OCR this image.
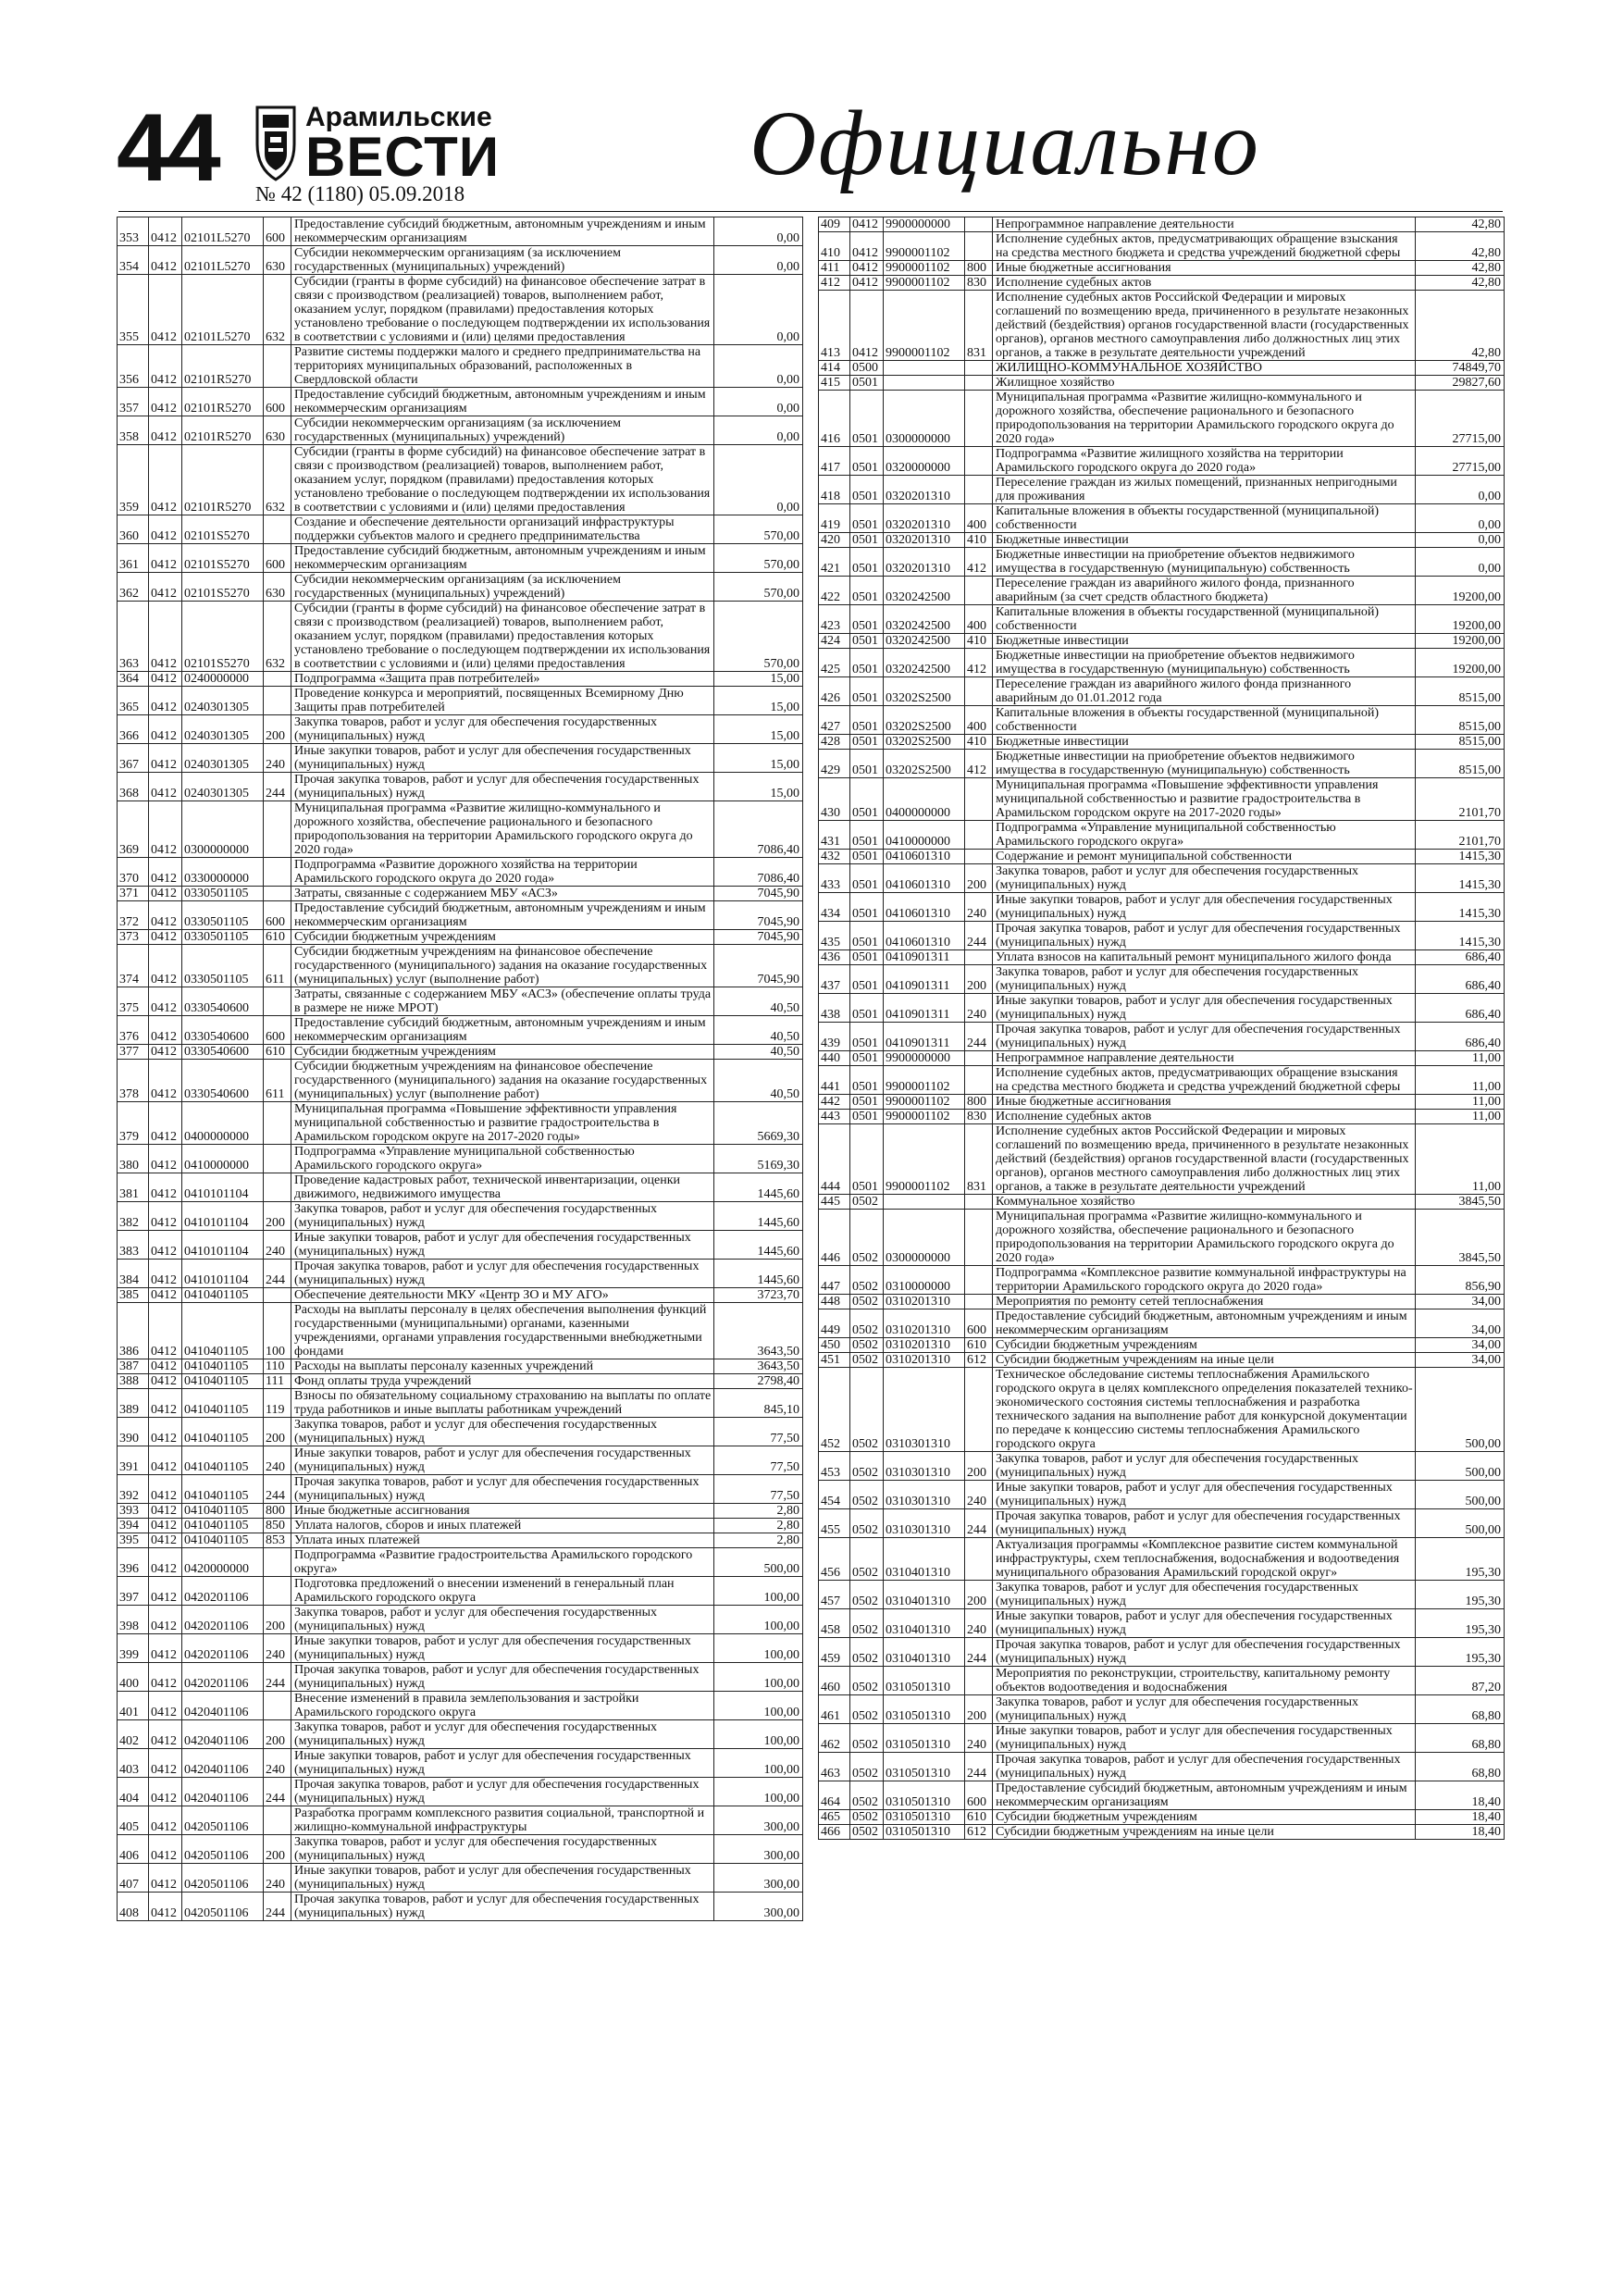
44	Арамильские
ВЕСТИ
№ 42 (1180) 05.09.2018	Официально
353	0412	02101L5270	600	Предоставление субсидий бюджетным, автономным учреждениям и иным некоммерческим организациям	0,00
354	0412	02101L5270	630	Субсидии некоммерческим организациям (за исключением государственных (муниципальных) учреждений)	0,00
355	0412	02101L5270	632	Субсидии (гранты в форме субсидий) на финансовое обеспечение затрат в связи с производством (реализацией) товаров, выполнением работ, оказанием услуг, порядком (правилами) предоставления которых установлено требование о последующем подтверждении их использования в соответствии с условиями и (или) целями предоставления	0,00
356	0412	02101R5270		Развитие системы поддержки малого и среднего предпринимательства на территориях муниципальных образований, расположенных в Свердловской области	0,00
357	0412	02101R5270	600	Предоставление субсидий бюджетным, автономным учреждениям и иным некоммерческим организациям	0,00
358	0412	02101R5270	630	Субсидии некоммерческим организациям (за исключением государственных (муниципальных) учреждений)	0,00
359	0412	02101R5270	632	Субсидии (гранты в форме субсидий) на финансовое обеспечение затрат в связи с производством (реализацией) товаров, выполнением работ, оказанием услуг, порядком (правилами) предоставления которых установлено требование о последующем подтверждении их использования в соответствии с условиями и (или) целями предоставления	0,00
360	0412	02101S5270		Создание и обеспечение деятельности организаций инфраструктуры поддержки субъектов малого и среднего предпринимательства	570,00
361	0412	02101S5270	600	Предоставление субсидий бюджетным, автономным учреждениям и иным некоммерческим организациям	570,00
362	0412	02101S5270	630	Субсидии некоммерческим организациям (за исключением государственных (муниципальных) учреждений)	570,00
363	0412	02101S5270	632	Субсидии (гранты в форме субсидий) на финансовое обеспечение затрат в связи с производством (реализацией) товаров, выполнением работ, оказанием услуг, порядком (правилами) предоставления которых установлено требование о последующем подтверждении их использования в соответствии с условиями и (или) целями предоставления	570,00
364	0412	0240000000		Подпрограмма «Защита прав потребителей»	15,00
365	0412	0240301305		Проведение конкурса и мероприятий, посвященных Всемирному Дню Защиты прав потребителей	15,00
366	0412	0240301305	200	Закупка товаров, работ и услуг для обеспечения государственных (муниципальных) нужд	15,00
367	0412	0240301305	240	Иные закупки товаров, работ и услуг для обеспечения государственных (муниципальных) нужд	15,00
368	0412	0240301305	244	Прочая закупка товаров, работ и услуг для обеспечения государственных (муниципальных) нужд	15,00
369	0412	0300000000		Муниципальная программа «Развитие жилищно-коммунального и дорожного хозяйства, обеспечение рационального и безопасного природопользования на территории Арамильского городского округа до 2020 года»	7086,40
370	0412	0330000000		Подпрограмма «Развитие дорожного хозяйства на территории Арамильского городского округа до 2020 года»	7086,40
371	0412	0330501105		Затраты, связанные с содержанием МБУ «АСЗ»	7045,90
372	0412	0330501105	600	Предоставление субсидий бюджетным, автономным учреждениям и иным некоммерческим организациям	7045,90
373	0412	0330501105	610	Субсидии бюджетным учреждениям	7045,90
374	0412	0330501105	611	Субсидии бюджетным учреждениям на финансовое обеспечение государственного (муниципального) задания на оказание государственных (муниципальных) услуг (выполнение работ)	7045,90
375	0412	0330540600		Затраты, связанные с содержанием МБУ «АСЗ» (обеспечение оплаты труда в размере не ниже МРОТ)	40,50
376	0412	0330540600	600	Предоставление субсидий бюджетным, автономным учреждениям и иным некоммерческим организациям	40,50
377	0412	0330540600	610	Субсидии бюджетным учреждениям	40,50
378	0412	0330540600	611	Субсидии бюджетным учреждениям на финансовое обеспечение государственного (муниципального) задания на оказание государственных (муниципальных) услуг (выполнение работ)	40,50
379	0412	0400000000		Муниципальная программа «Повышение эффективности управления муниципальной собственностью и развитие градостроительства в Арамильском городском округе на 2017-2020 годы»	5669,30
380	0412	0410000000		Подпрограмма «Управление муниципальной собственностью Арамильского городского округа»	5169,30
381	0412	0410101104		Проведение кадастровых работ, технической инвентаризации, оценки движимого, недвижимого имущества	1445,60
382	0412	0410101104	200	Закупка товаров, работ и услуг для обеспечения государственных (муниципальных) нужд	1445,60
383	0412	0410101104	240	Иные закупки товаров, работ и услуг для обеспечения государственных (муниципальных) нужд	1445,60
384	0412	0410101104	244	Прочая закупка товаров, работ и услуг для обеспечения государственных (муниципальных) нужд	1445,60
385	0412	0410401105		Обеспечение деятельности МКУ «Центр ЗО и МУ АГО»	3723,70
386	0412	0410401105	100	Расходы на выплаты персоналу в целях обеспечения выполнения функций государственными (муниципальными) органами, казенными учреждениями, органами управления государственными внебюджетными фондами	3643,50
387	0412	0410401105	110	Расходы на выплаты персоналу казенных учреждений	3643,50
388	0412	0410401105	111	Фонд оплаты труда учреждений	2798,40
389	0412	0410401105	119	Взносы по обязательному социальному страхованию на выплаты по оплате труда работников и иные выплаты работникам учреждений	845,10
390	0412	0410401105	200	Закупка товаров, работ и услуг для обеспечения государственных (муниципальных) нужд	77,50
391	0412	0410401105	240	Иные закупки товаров, работ и услуг для обеспечения государственных (муниципальных) нужд	77,50
392	0412	0410401105	244	Прочая закупка товаров, работ и услуг для обеспечения государственных (муниципальных) нужд	77,50
393	0412	0410401105	800	Иные бюджетные ассигнования	2,80
394	0412	0410401105	850	Уплата налогов, сборов и иных платежей	2,80
395	0412	0410401105	853	Уплата иных платежей	2,80
396	0412	0420000000		Подпрограмма «Развитие градостроительства Арамильского городского округа»	500,00
397	0412	0420201106		Подготовка предложений о внесении изменений в генеральный план Арамильского городского округа	100,00
398	0412	0420201106	200	Закупка товаров, работ и услуг для обеспечения государственных (муниципальных) нужд	100,00
399	0412	0420201106	240	Иные закупки товаров, работ и услуг для обеспечения государственных (муниципальных) нужд	100,00
400	0412	0420201106	244	Прочая закупка товаров, работ и услуг для обеспечения государственных (муниципальных) нужд	100,00
401	0412	0420401106		Внесение изменений в правила землепользования и застройки Арамильского городского округа	100,00
402	0412	0420401106	200	Закупка товаров, работ и услуг для обеспечения государственных (муниципальных) нужд	100,00
403	0412	0420401106	240	Иные закупки товаров, работ и услуг для обеспечения государственных (муниципальных) нужд	100,00
404	0412	0420401106	244	Прочая закупка товаров, работ и услуг для обеспечения государственных (муниципальных) нужд	100,00
405	0412	0420501106		Разработка программ комплексного развития социальной, транспортной и жилищно-коммунальной инфраструктуры	300,00
406	0412	0420501106	200	Закупка товаров, работ и услуг для обеспечения государственных (муниципальных) нужд	300,00
407	0412	0420501106	240	Иные закупки товаров, работ и услуг для обеспечения государственных (муниципальных) нужд	300,00
408	0412	0420501106	244	Прочая закупка товаров, работ и услуг для обеспечения государственных (муниципальных) нужд	300,00
409	0412	9900000000		Непрограммное направление деятельности	42,80
410	0412	9900001102		Исполнение судебных актов, предусматривающих обращение взыскания на средства местного бюджета и средства учреждений бюджетной сферы	42,80
411	0412	9900001102	800	Иные бюджетные ассигнования	42,80
412	0412	9900001102	830	Исполнение судебных актов	42,80
413	0412	9900001102	831	Исполнение судебных актов Российской Федерации и мировых соглашений по возмещению вреда, причиненного в результате незаконных действий (бездействия) органов государственной власти (государственных органов), органов местного самоуправления либо должностных лиц этих органов, а также в результате деятельности учреждений	42,80
414	0500			ЖИЛИЩНО-КОММУНАЛЬНОЕ ХОЗЯЙСТВО	74849,70
415	0501			Жилищное хозяйство	29827,60
416	0501	0300000000		Муниципальная программа «Развитие жилищно-коммунального и дорожного хозяйства, обеспечение рационального и безопасного природопользования на территории Арамильского городского округа до 2020 года»	27715,00
417	0501	0320000000		Подпрограмма «Развитие жилищного хозяйства на территории Арамильского городского округа до 2020 года»	27715,00
418	0501	0320201310		Переселение граждан из жилых помещений, признанных непригодными для проживания	0,00
419	0501	0320201310	400	Капитальные вложения в объекты государственной (муниципальной) собственности	0,00
420	0501	0320201310	410	Бюджетные инвестиции	0,00
421	0501	0320201310	412	Бюджетные инвестиции на приобретение объектов недвижимого имущества в государственную (муниципальную) собственность	0,00
422	0501	0320242500		Переселение граждан из аварийного жилого фонда, признанного аварийным (за счет средств областного бюджета)	19200,00
423	0501	0320242500	400	Капитальные вложения в объекты государственной (муниципальной) собственности	19200,00
424	0501	0320242500	410	Бюджетные инвестиции	19200,00
425	0501	0320242500	412	Бюджетные инвестиции на приобретение объектов недвижимого имущества в государственную (муниципальную) собственность	19200,00
426	0501	03202S2500		Переселение граждан из аварийного жилого фонда признанного аварийным до 01.01.2012 года	8515,00
427	0501	03202S2500	400	Капитальные вложения в объекты государственной (муниципальной) собственности	8515,00
428	0501	03202S2500	410	Бюджетные инвестиции	8515,00
429	0501	03202S2500	412	Бюджетные инвестиции на приобретение объектов недвижимого имущества в государственную (муниципальную) собственность	8515,00
430	0501	0400000000		Муниципальная программа «Повышение эффективности управления муниципальной собственностью и развитие градостроительства в Арамильском городском округе на 2017-2020 годы»	2101,70
431	0501	0410000000		Подпрограмма «Управление муниципальной собственностью Арамильского городского округа»	2101,70
432	0501	0410601310		Содержание и ремонт муниципальной собственности	1415,30
433	0501	0410601310	200	Закупка товаров, работ и услуг для обеспечения государственных (муниципальных) нужд	1415,30
434	0501	0410601310	240	Иные закупки товаров, работ и услуг для обеспечения государственных (муниципальных) нужд	1415,30
435	0501	0410601310	244	Прочая закупка товаров, работ и услуг для обеспечения государственных (муниципальных) нужд	1415,30
436	0501	0410901311		Уплата взносов на капитальный ремонт муниципального жилого фонда	686,40
437	0501	0410901311	200	Закупка товаров, работ и услуг для обеспечения государственных (муниципальных) нужд	686,40
438	0501	0410901311	240	Иные закупки товаров, работ и услуг для обеспечения государственных (муниципальных) нужд	686,40
439	0501	0410901311	244	Прочая закупка товаров, работ и услуг для обеспечения государственных (муниципальных) нужд	686,40
440	0501	9900000000		Непрограммное направление деятельности	11,00
441	0501	9900001102		Исполнение судебных актов, предусматривающих обращение взыскания на средства местного бюджета и средства учреждений бюджетной сферы	11,00
442	0501	9900001102	800	Иные бюджетные ассигнования	11,00
443	0501	9900001102	830	Исполнение судебных актов	11,00
444	0501	9900001102	831	Исполнение судебных актов Российской Федерации и мировых соглашений по возмещению вреда, причиненного в результате незаконных действий (бездействия) органов государственной власти (государственных органов), органов местного самоуправления либо должностных лиц этих органов, а также в результате деятельности учреждений	11,00
445	0502			Коммунальное хозяйство	3845,50
446	0502	0300000000		Муниципальная программа «Развитие жилищно-коммунального и дорожного хозяйства, обеспечение рационального и безопасного природопользования на территории Арамильского городского округа до 2020 года»	3845,50
447	0502	0310000000		Подпрограмма «Комплексное развитие коммунальной инфраструктуры на территории Арамильского городского округа до 2020 года»	856,90
448	0502	0310201310		Мероприятия по ремонту сетей теплоснабжения	34,00
449	0502	0310201310	600	Предоставление субсидий бюджетным, автономным учреждениям и иным некоммерческим организациям	34,00
450	0502	0310201310	610	Субсидии бюджетным учреждениям	34,00
451	0502	0310201310	612	Субсидии бюджетным учреждениям на иные цели	34,00
452	0502	0310301310		Техническое обследование системы теплоснабжения Арамильского городского округа в целях комплексного определения показателей технико-экономического состояния системы теплоснабжения и разработка технического задания на выполнение работ для конкурсной документации по передаче к концессию системы теплоснабжения Арамильского городского округа	500,00
453	0502	0310301310	200	Закупка товаров, работ и услуг для обеспечения государственных (муниципальных) нужд	500,00
454	0502	0310301310	240	Иные закупки товаров, работ и услуг для обеспечения государственных (муниципальных) нужд	500,00
455	0502	0310301310	244	Прочая закупка товаров, работ и услуг для обеспечения государственных (муниципальных) нужд	500,00
456	0502	0310401310		Актуализация программы «Комплексное развитие систем коммунальной инфраструктуры, схем теплоснабжения, водоснабжения и водоотведения муниципального образования Арамильский городской округ»	195,30
457	0502	0310401310	200	Закупка товаров, работ и услуг для обеспечения государственных (муниципальных) нужд	195,30
458	0502	0310401310	240	Иные закупки товаров, работ и услуг для обеспечения государственных (муниципальных) нужд	195,30
459	0502	0310401310	244	Прочая закупка товаров, работ и услуг для обеспечения государственных (муниципальных) нужд	195,30
460	0502	0310501310		Мероприятия по реконструкции, строительству, капитальному ремонту объектов водоотведения и водоснабжения	87,20
461	0502	0310501310	200	Закупка товаров, работ и услуг для обеспечения государственных (муниципальных) нужд	68,80
462	0502	0310501310	240	Иные закупки товаров, работ и услуг для обеспечения государственных (муниципальных) нужд	68,80
463	0502	0310501310	244	Прочая закупка товаров, работ и услуг для обеспечения государственных (муниципальных) нужд	68,80
464	0502	0310501310	600	Предоставление субсидий бюджетным, автономным учреждениям и иным некоммерческим организациям	18,40
465	0502	0310501310	610	Субсидии бюджетным учреждениям	18,40
466	0502	0310501310	612	Субсидии бюджетным учреждениям на иные цели	18,40
